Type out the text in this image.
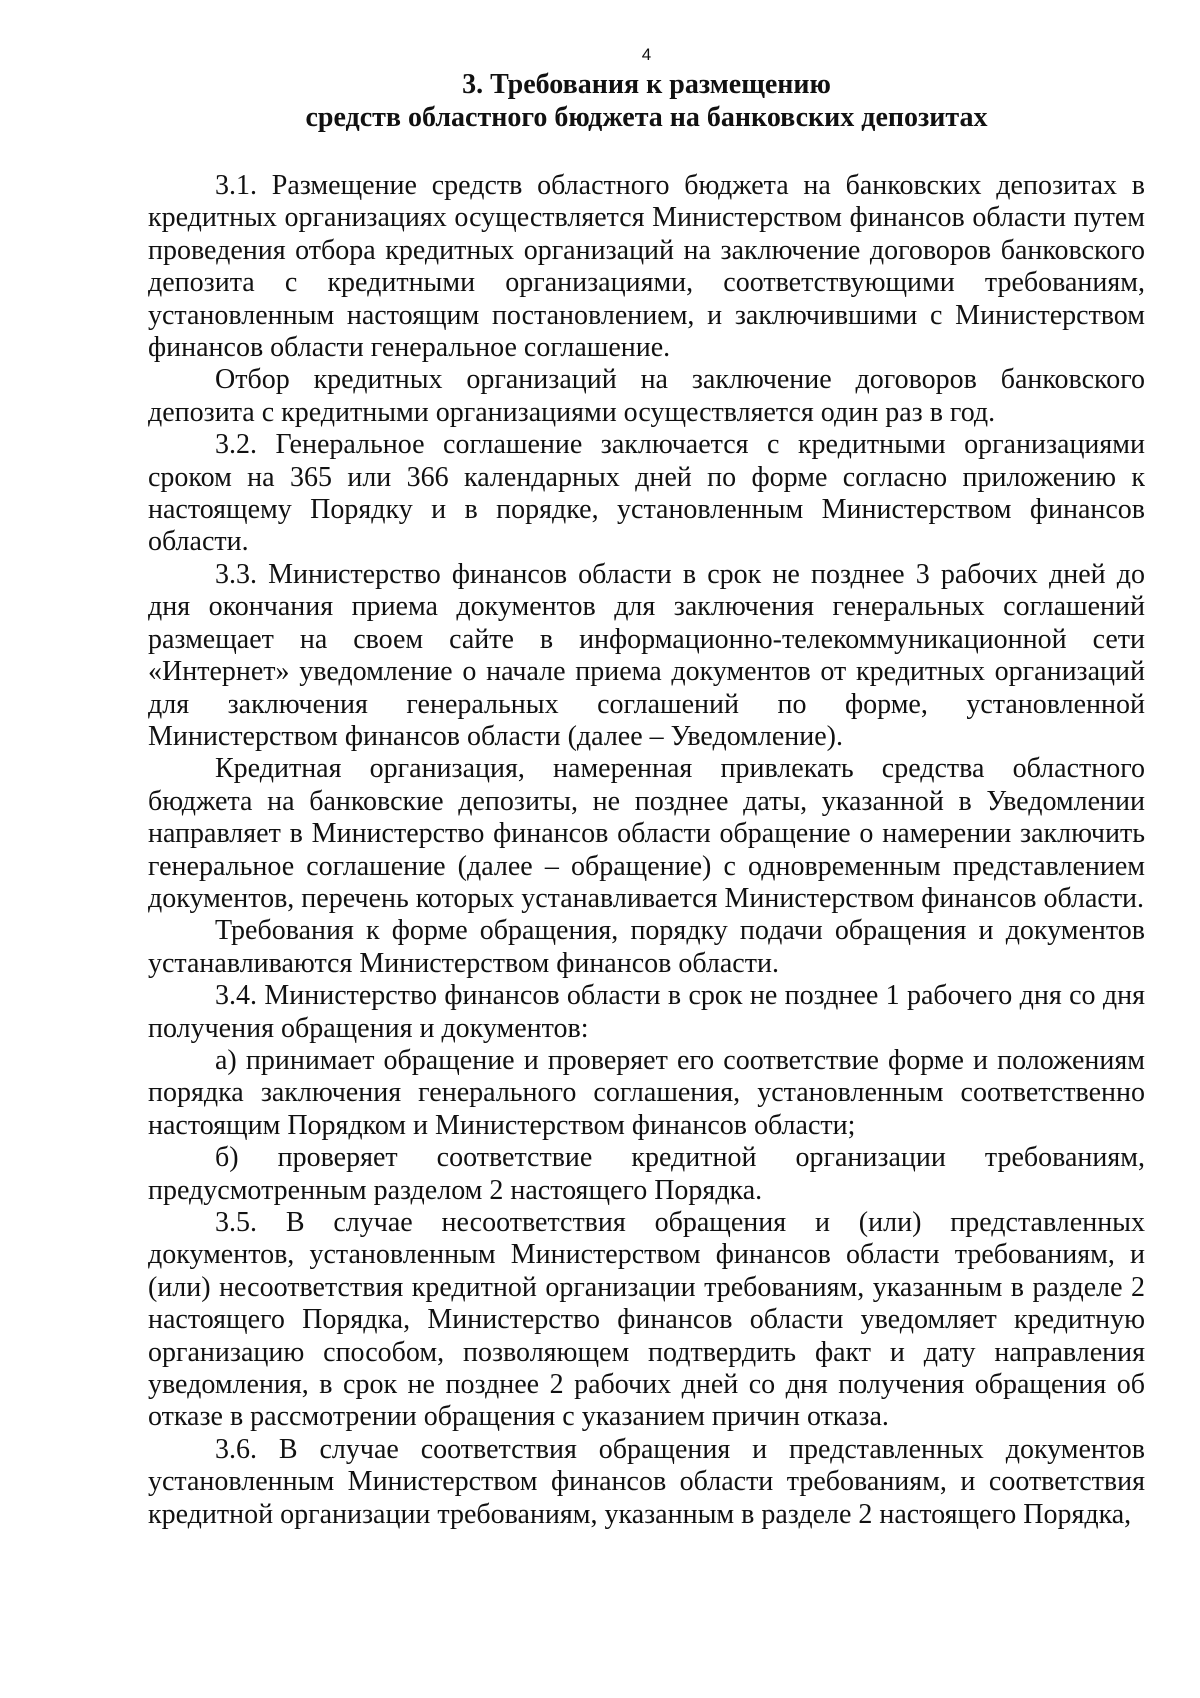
4

3. Требования к размещению

средств областного бюджета на банковских депозитах

3.1. Размещение средств областного бюджета на банковских депозитах в кредитных организациях осуществляется Министерством финансов области путем проведения отбора кредитных организаций на заключение договоров банковского депозита с кредитными организациями, соответствующими требованиям, установленным настоящим постановлением, и заключившими с Министерством финансов области генеральное соглашение.

Отбор кредитных организаций на заключение договоров банковского депозита с кредитными организациями осуществляется один раз в год.

3.2. Генеральное соглашение заключается с кредитными организациями сроком на 365 или 366 календарных дней по форме согласно приложению к настоящему Порядку и в порядке, установленным Министерством финансов области.

3.3. Министерство финансов области в срок не позднее 3 рабочих дней до дня окончания приема документов для заключения генеральных соглашений размещает на своем сайте в информационно-телекоммуникационной сети «Интернет» уведомление о начале приема документов от кредитных организаций для заключения генеральных соглашений по форме, установленной Министерством финансов области (далее – Уведомление).

Кредитная организация, намеренная привлекать средства областного бюджета на банковские депозиты, не позднее даты, указанной в Уведомлении направляет в Министерство финансов области обращение о намерении заключить генеральное соглашение (далее – обращение) с одновременным представлением документов, перечень которых устанавливается Министерством финансов области.

Требования к форме обращения, порядку подачи обращения и документов устанавливаются Министерством финансов области.

3.4. Министерство финансов области в срок не позднее 1 рабочего дня со дня получения обращения и документов:

а) принимает обращение и проверяет его соответствие форме и положениям порядка заключения генерального соглашения, установленным соответственно настоящим Порядком и Министерством финансов области;

б) проверяет соответствие кредитной организации требованиям, предусмотренным разделом 2 настоящего Порядка.

3.5. В случае несоответствия обращения и (или) представленных документов, установленным Министерством финансов области требованиям, и (или) несоответствия кредитной организации требованиям, указанным в разделе 2 настоящего Порядка, Министерство финансов области уведомляет кредитную организацию способом, позволяющем подтвердить факт и дату направления уведомления, в срок не позднее 2 рабочих дней со дня получения обращения об отказе в рассмотрении обращения с указанием причин отказа.

3.6. В случае соответствия обращения и представленных документов установленным Министерством финансов области требованиям, и соответствия кредитной организации требованиям, указанным в разделе 2 настоящего Порядка,
